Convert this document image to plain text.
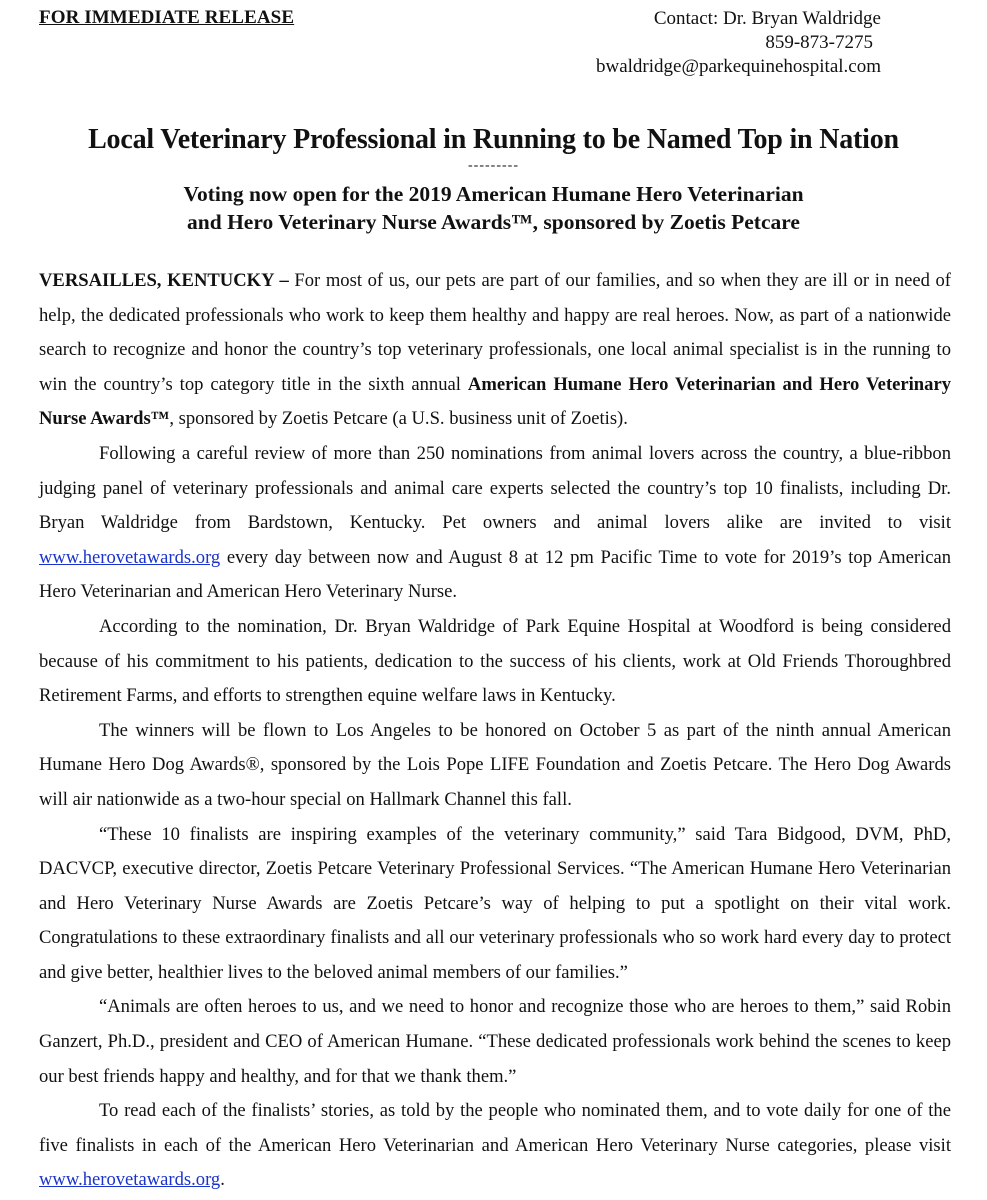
FOR IMMEDIATE RELEASE	Contact: Dr. Bryan Waldridge
859-873-7275
bwaldridge@parkequinehospital.com
Local Veterinary Professional in Running to be Named Top in Nation
---------
Voting now open for the 2019 American Humane Hero Veterinarian
and Hero Veterinary Nurse Awards™, sponsored by Zoetis Petcare

VERSAILLES, KENTUCKY – For most of us, our pets are part of our families, and so when they are ill or in need of help, the dedicated professionals who work to keep them healthy and happy are real heroes. Now, as part of a nationwide search to recognize and honor the country’s top veterinary professionals, one local animal specialist is in the running to win the country’s top category title in the sixth annual American Humane Hero Veterinarian and Hero Veterinary Nurse Awards™, sponsored by Zoetis Petcare (a U.S. business unit of Zoetis).

Following a careful review of more than 250 nominations from animal lovers across the country, a blue-ribbon judging panel of veterinary professionals and animal care experts selected the country’s top 10 finalists, including Dr. Bryan Waldridge from Bardstown, Kentucky. Pet owners and animal lovers alike are invited to visit www.herovetawards.org every day between now and August 8 at 12 pm Pacific Time to vote for 2019’s top American Hero Veterinarian and American Hero Veterinary Nurse.

According to the nomination, Dr. Bryan Waldridge of Park Equine Hospital at Woodford is being considered because of his commitment to his patients, dedication to the success of his clients, work at Old Friends Thoroughbred Retirement Farms, and efforts to strengthen equine welfare laws in Kentucky.

The winners will be flown to Los Angeles to be honored on October 5 as part of the ninth annual American Humane Hero Dog Awards®, sponsored by the Lois Pope LIFE Foundation and Zoetis Petcare. The Hero Dog Awards will air nationwide as a two-hour special on Hallmark Channel this fall.

“These 10 finalists are inspiring examples of the veterinary community,” said Tara Bidgood, DVM, PhD, DACVCP, executive director, Zoetis Petcare Veterinary Professional Services. “The American Humane Hero Veterinarian and Hero Veterinary Nurse Awards are Zoetis Petcare’s way of helping to put a spotlight on their vital work. Congratulations to these extraordinary finalists and all our veterinary professionals who so work hard every day to protect and give better, healthier lives to the beloved animal members of our families.”

“Animals are often heroes to us, and we need to honor and recognize those who are heroes to them,” said Robin Ganzert, Ph.D., president and CEO of American Humane. “These dedicated professionals work behind the scenes to keep our best friends happy and healthy, and for that we thank them.”

To read each of the finalists’ stories, as told by the people who nominated them, and to vote daily for one of the five finalists in each of the American Hero Veterinarian and American Hero Veterinary Nurse categories, please visit www.herovetawards.org.
